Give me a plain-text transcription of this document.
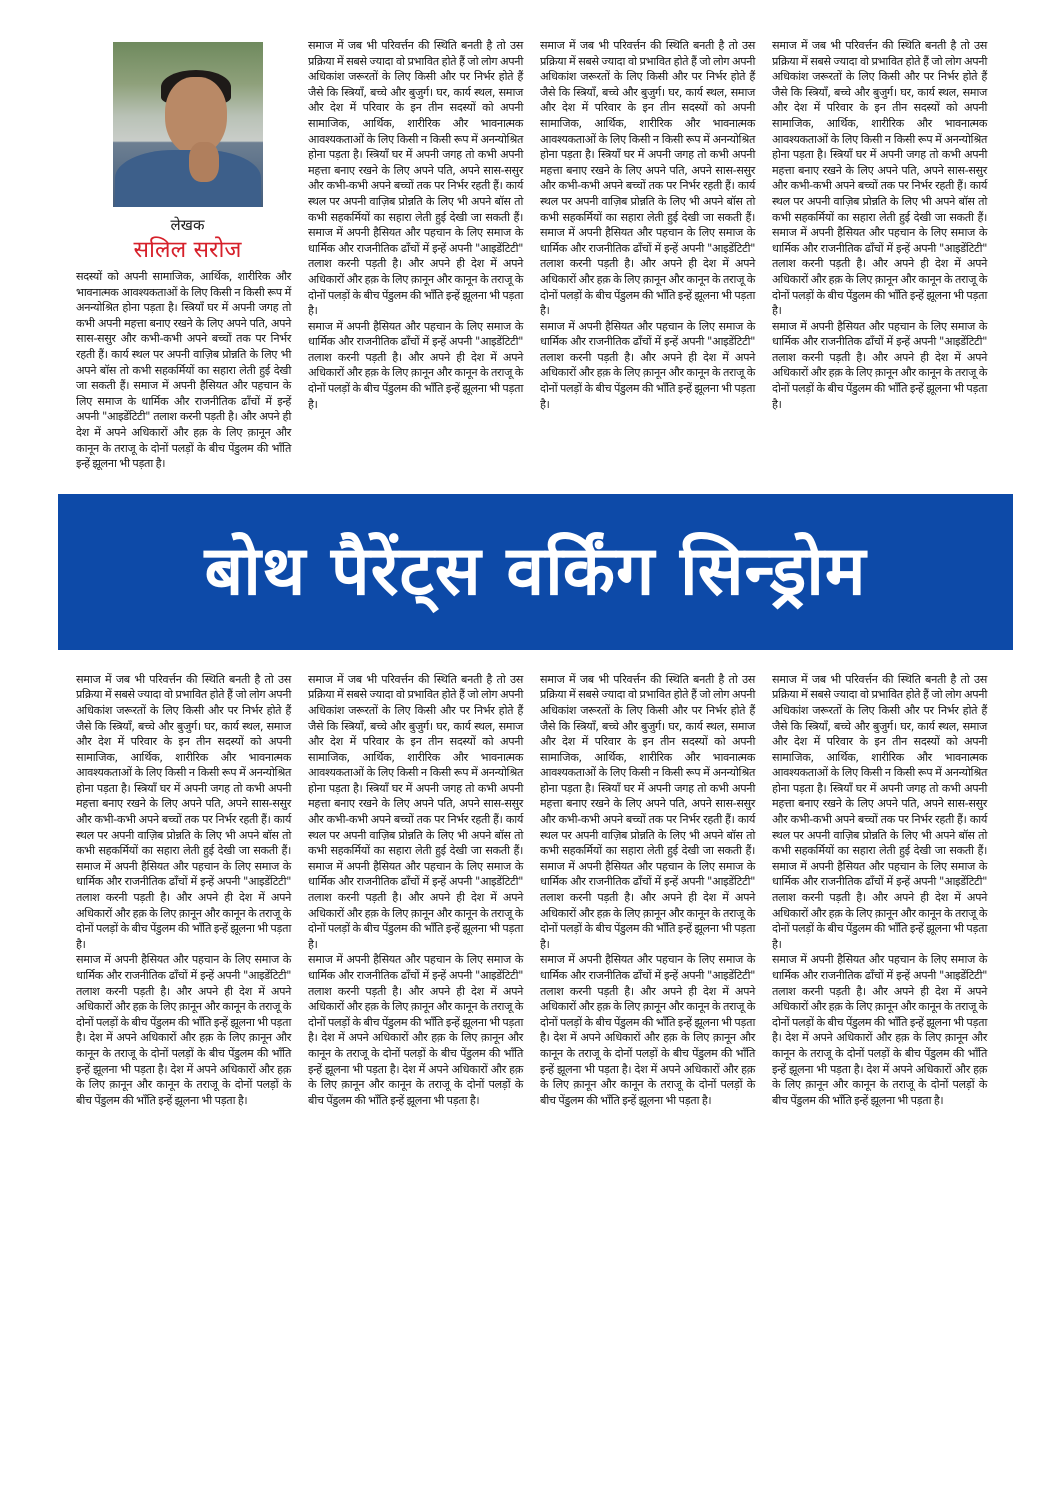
लेखक
सलिल सरोज

सदस्यों को अपनी सामाजिक, आर्थिक, शारीरिक और भावनात्मक आवश्यकताओं के लिए किसी न किसी रूप में अनन्योश्रित होना पड़ता है। स्त्रियाँ घर में अपनी जगह तो कभी अपनी महत्ता बनाए रखने के लिए अपने पति, अपने सास-ससुर और कभी-कभी अपने बच्चों तक पर निर्भर रहती हैं। कार्य स्थल पर अपनी वाज़िब प्रोन्नति के लिए भी अपने बॉस तो कभी सहकर्मियों का सहारा लेती हुई देखी जा सकती हैं। समाज में अपनी हैसियत और पहचान के लिए समाज के धार्मिक और राजनीतिक ढाँचों में इन्हें अपनी "आइडेंटिटी" तलाश करनी पड़ती है। और अपने ही देश में अपने अधिकारों और हक़ के लिए क़ानून और कानून के तराजू के दोनों पलड़ों के बीच पेंडुलम की भाँति इन्हें झूलना भी पड़ता है।

समाज में जब भी परिवर्त्तन की स्थिति बनती है तो उस प्रक्रिया में सबसे ज्यादा वो प्रभावित होते हैं जो लोग अपनी अधिकांश जरूरतों के लिए किसी और पर निर्भर होते हैं जैसे कि स्त्रियाँ, बच्चे और बुजुर्ग। घर, कार्य स्थल, समाज और देश में परिवार के इन तीन सदस्यों को अपनी सामाजिक, आर्थिक, शारीरिक और भावनात्मक आवश्यकताओं के लिए किसी न किसी रूप में अनन्योश्रित होना पड़ता है। स्त्रियाँ घर में अपनी जगह तो कभी अपनी महत्ता बनाए रखने के लिए अपने पति, अपने सास-ससुर और कभी-कभी अपने बच्चों तक पर निर्भर रहती हैं। कार्य स्थल पर अपनी वाज़िब प्रोन्नति के लिए भी अपने बॉस तो कभी सहकर्मियों का सहारा लेती हुई देखी जा सकती हैं। समाज में अपनी हैसियत और पहचान के लिए समाज के धार्मिक और राजनीतिक ढाँचों में इन्हें अपनी "आइडेंटिटी" तलाश करनी पड़ती है। और अपने ही देश में अपने अधिकारों और हक़ के लिए क़ानून और कानून के तराजू के दोनों पलड़ों के बीच पेंडुलम की भाँति इन्हें झूलना भी पड़ता है।

समाज में अपनी हैसियत और पहचान के लिए समाज के धार्मिक और राजनीतिक ढाँचों में इन्हें अपनी "आइडेंटिटी" तलाश करनी पड़ती है। और अपने ही देश में अपने अधिकारों और हक़ के लिए क़ानून और कानून के तराजू के दोनों पलड़ों के बीच पेंडुलम की भाँति इन्हें झूलना भी पड़ता है।

समाज में जब भी परिवर्त्तन की स्थिति बनती है तो उस प्रक्रिया में सबसे ज्यादा वो प्रभावित होते हैं जो लोग अपनी अधिकांश जरूरतों के लिए किसी और पर निर्भर होते हैं जैसे कि स्त्रियाँ, बच्चे और बुजुर्ग। घर, कार्य स्थल, समाज और देश में परिवार के इन तीन सदस्यों को अपनी सामाजिक, आर्थिक, शारीरिक और भावनात्मक आवश्यकताओं के लिए किसी न किसी रूप में अनन्योश्रित होना पड़ता है। स्त्रियाँ घर में अपनी जगह तो कभी अपनी महत्ता बनाए रखने के लिए अपने पति, अपने सास-ससुर और कभी-कभी अपने बच्चों तक पर निर्भर रहती हैं। कार्य स्थल पर अपनी वाज़िब प्रोन्नति के लिए भी अपने बॉस तो कभी सहकर्मियों का सहारा लेती हुई देखी जा सकती हैं। समाज में अपनी हैसियत और पहचान के लिए समाज के धार्मिक और राजनीतिक ढाँचों में इन्हें अपनी "आइडेंटिटी" तलाश करनी पड़ती है। और अपने ही देश में अपने अधिकारों और हक़ के लिए क़ानून और कानून के तराजू के दोनों पलड़ों के बीच पेंडुलम की भाँति इन्हें झूलना भी पड़ता है।

समाज में अपनी हैसियत और पहचान के लिए समाज के धार्मिक और राजनीतिक ढाँचों में इन्हें अपनी "आइडेंटिटी" तलाश करनी पड़ती है। और अपने ही देश में अपने अधिकारों और हक़ के लिए क़ानून और कानून के तराजू के दोनों पलड़ों के बीच पेंडुलम की भाँति इन्हें झूलना भी पड़ता है।

समाज में जब भी परिवर्त्तन की स्थिति बनती है तो उस प्रक्रिया में सबसे ज्यादा वो प्रभावित होते हैं जो लोग अपनी अधिकांश जरूरतों के लिए किसी और पर निर्भर होते हैं जैसे कि स्त्रियाँ, बच्चे और बुजुर्ग। घर, कार्य स्थल, समाज और देश में परिवार के इन तीन सदस्यों को अपनी सामाजिक, आर्थिक, शारीरिक और भावनात्मक आवश्यकताओं के लिए किसी न किसी रूप में अनन्योश्रित होना पड़ता है। स्त्रियाँ घर में अपनी जगह तो कभी अपनी महत्ता बनाए रखने के लिए अपने पति, अपने सास-ससुर और कभी-कभी अपने बच्चों तक पर निर्भर रहती हैं। कार्य स्थल पर अपनी वाज़िब प्रोन्नति के लिए भी अपने बॉस तो कभी सहकर्मियों का सहारा लेती हुई देखी जा सकती हैं। समाज में अपनी हैसियत और पहचान के लिए समाज के धार्मिक और राजनीतिक ढाँचों में इन्हें अपनी "आइडेंटिटी" तलाश करनी पड़ती है। और अपने ही देश में अपने अधिकारों और हक़ के लिए क़ानून और कानून के तराजू के दोनों पलड़ों के बीच पेंडुलम की भाँति इन्हें झूलना भी पड़ता है।

समाज में अपनी हैसियत और पहचान के लिए समाज के धार्मिक और राजनीतिक ढाँचों में इन्हें अपनी "आइडेंटिटी" तलाश करनी पड़ती है। और अपने ही देश में अपने अधिकारों और हक़ के लिए क़ानून और कानून के तराजू के दोनों पलड़ों के बीच पेंडुलम की भाँति इन्हें झूलना भी पड़ता है।

बोथ पैरेंट्स वर्किंग सिन्ड्रोम

समाज में जब भी परिवर्त्तन की स्थिति बनती है तो उस प्रक्रिया में सबसे ज्यादा वो प्रभावित होते हैं जो लोग अपनी अधिकांश जरूरतों के लिए किसी और पर निर्भर होते हैं जैसे कि स्त्रियाँ, बच्चे और बुजुर्ग। घर, कार्य स्थल, समाज और देश में परिवार के इन तीन सदस्यों को अपनी सामाजिक, आर्थिक, शारीरिक और भावनात्मक आवश्यकताओं के लिए किसी न किसी रूप में अनन्योश्रित होना पड़ता है। स्त्रियाँ घर में अपनी जगह तो कभी अपनी महत्ता बनाए रखने के लिए अपने पति, अपने सास-ससुर और कभी-कभी अपने बच्चों तक पर निर्भर रहती हैं। कार्य स्थल पर अपनी वाज़िब प्रोन्नति के लिए भी अपने बॉस तो कभी सहकर्मियों का सहारा लेती हुई देखी जा सकती हैं। समाज में अपनी हैसियत और पहचान के लिए समाज के धार्मिक और राजनीतिक ढाँचों में इन्हें अपनी "आइडेंटिटी" तलाश करनी पड़ती है। और अपने ही देश में अपने अधिकारों और हक़ के लिए क़ानून और कानून के तराजू के दोनों पलड़ों के बीच पेंडुलम की भाँति इन्हें झूलना भी पड़ता है।

समाज में अपनी हैसियत और पहचान के लिए समाज के धार्मिक और राजनीतिक ढाँचों में इन्हें अपनी "आइडेंटिटी" तलाश करनी पड़ती है। और अपने ही देश में अपने अधिकारों और हक़ के लिए क़ानून और कानून के तराजू के दोनों पलड़ों के बीच पेंडुलम की भाँति इन्हें झूलना भी पड़ता है। देश में अपने अधिकारों और हक़ के लिए क़ानून और कानून के तराजू के दोनों पलड़ों के बीच पेंडुलम की भाँति इन्हें झूलना भी पड़ता है। देश में अपने अधिकारों और हक़ के लिए क़ानून और कानून के तराजू के दोनों पलड़ों के बीच पेंडुलम की भाँति इन्हें झूलना भी पड़ता है।

समाज में जब भी परिवर्त्तन की स्थिति बनती है तो उस प्रक्रिया में सबसे ज्यादा वो प्रभावित होते हैं जो लोग अपनी अधिकांश जरूरतों के लिए किसी और पर निर्भर होते हैं जैसे कि स्त्रियाँ, बच्चे और बुजुर्ग। घर, कार्य स्थल, समाज और देश में परिवार के इन तीन सदस्यों को अपनी सामाजिक, आर्थिक, शारीरिक और भावनात्मक आवश्यकताओं के लिए किसी न किसी रूप में अनन्योश्रित होना पड़ता है। स्त्रियाँ घर में अपनी जगह तो कभी अपनी महत्ता बनाए रखने के लिए अपने पति, अपने सास-ससुर और कभी-कभी अपने बच्चों तक पर निर्भर रहती हैं। कार्य स्थल पर अपनी वाज़िब प्रोन्नति के लिए भी अपने बॉस तो कभी सहकर्मियों का सहारा लेती हुई देखी जा सकती हैं। समाज में अपनी हैसियत और पहचान के लिए समाज के धार्मिक और राजनीतिक ढाँचों में इन्हें अपनी "आइडेंटिटी" तलाश करनी पड़ती है। और अपने ही देश में अपने अधिकारों और हक़ के लिए क़ानून और कानून के तराजू के दोनों पलड़ों के बीच पेंडुलम की भाँति इन्हें झूलना भी पड़ता है।

समाज में अपनी हैसियत और पहचान के लिए समाज के धार्मिक और राजनीतिक ढाँचों में इन्हें अपनी "आइडेंटिटी" तलाश करनी पड़ती है। और अपने ही देश में अपने अधिकारों और हक़ के लिए क़ानून और कानून के तराजू के दोनों पलड़ों के बीच पेंडुलम की भाँति इन्हें झूलना भी पड़ता है। देश में अपने अधिकारों और हक़ के लिए क़ानून और कानून के तराजू के दोनों पलड़ों के बीच पेंडुलम की भाँति इन्हें झूलना भी पड़ता है। देश में अपने अधिकारों और हक़ के लिए क़ानून और कानून के तराजू के दोनों पलड़ों के बीच पेंडुलम की भाँति इन्हें झूलना भी पड़ता है।

समाज में जब भी परिवर्त्तन की स्थिति बनती है तो उस प्रक्रिया में सबसे ज्यादा वो प्रभावित होते हैं जो लोग अपनी अधिकांश जरूरतों के लिए किसी और पर निर्भर होते हैं जैसे कि स्त्रियाँ, बच्चे और बुजुर्ग। घर, कार्य स्थल, समाज और देश में परिवार के इन तीन सदस्यों को अपनी सामाजिक, आर्थिक, शारीरिक और भावनात्मक आवश्यकताओं के लिए किसी न किसी रूप में अनन्योश्रित होना पड़ता है। स्त्रियाँ घर में अपनी जगह तो कभी अपनी महत्ता बनाए रखने के लिए अपने पति, अपने सास-ससुर और कभी-कभी अपने बच्चों तक पर निर्भर रहती हैं। कार्य स्थल पर अपनी वाज़िब प्रोन्नति के लिए भी अपने बॉस तो कभी सहकर्मियों का सहारा लेती हुई देखी जा सकती हैं। समाज में अपनी हैसियत और पहचान के लिए समाज के धार्मिक और राजनीतिक ढाँचों में इन्हें अपनी "आइडेंटिटी" तलाश करनी पड़ती है। और अपने ही देश में अपने अधिकारों और हक़ के लिए क़ानून और कानून के तराजू के दोनों पलड़ों के बीच पेंडुलम की भाँति इन्हें झूलना भी पड़ता है।

समाज में अपनी हैसियत और पहचान के लिए समाज के धार्मिक और राजनीतिक ढाँचों में इन्हें अपनी "आइडेंटिटी" तलाश करनी पड़ती है। और अपने ही देश में अपने अधिकारों और हक़ के लिए क़ानून और कानून के तराजू के दोनों पलड़ों के बीच पेंडुलम की भाँति इन्हें झूलना भी पड़ता है। देश में अपने अधिकारों और हक़ के लिए क़ानून और कानून के तराजू के दोनों पलड़ों के बीच पेंडुलम की भाँति इन्हें झूलना भी पड़ता है। देश में अपने अधिकारों और हक़ के लिए क़ानून और कानून के तराजू के दोनों पलड़ों के बीच पेंडुलम की भाँति इन्हें झूलना भी पड़ता है।

समाज में जब भी परिवर्त्तन की स्थिति बनती है तो उस प्रक्रिया में सबसे ज्यादा वो प्रभावित होते हैं जो लोग अपनी अधिकांश जरूरतों के लिए किसी और पर निर्भर होते हैं जैसे कि स्त्रियाँ, बच्चे और बुजुर्ग। घर, कार्य स्थल, समाज और देश में परिवार के इन तीन सदस्यों को अपनी सामाजिक, आर्थिक, शारीरिक और भावनात्मक आवश्यकताओं के लिए किसी न किसी रूप में अनन्योश्रित होना पड़ता है। स्त्रियाँ घर में अपनी जगह तो कभी अपनी महत्ता बनाए रखने के लिए अपने पति, अपने सास-ससुर और कभी-कभी अपने बच्चों तक पर निर्भर रहती हैं। कार्य स्थल पर अपनी वाज़िब प्रोन्नति के लिए भी अपने बॉस तो कभी सहकर्मियों का सहारा लेती हुई देखी जा सकती हैं। समाज में अपनी हैसियत और पहचान के लिए समाज के धार्मिक और राजनीतिक ढाँचों में इन्हें अपनी "आइडेंटिटी" तलाश करनी पड़ती है। और अपने ही देश में अपने अधिकारों और हक़ के लिए क़ानून और कानून के तराजू के दोनों पलड़ों के बीच पेंडुलम की भाँति इन्हें झूलना भी पड़ता है।

समाज में अपनी हैसियत और पहचान के लिए समाज के धार्मिक और राजनीतिक ढाँचों में इन्हें अपनी "आइडेंटिटी" तलाश करनी पड़ती है। और अपने ही देश में अपने अधिकारों और हक़ के लिए क़ानून और कानून के तराजू के दोनों पलड़ों के बीच पेंडुलम की भाँति इन्हें झूलना भी पड़ता है। देश में अपने अधिकारों और हक़ के लिए क़ानून और कानून के तराजू के दोनों पलड़ों के बीच पेंडुलम की भाँति इन्हें झूलना भी पड़ता है। देश में अपने अधिकारों और हक़ के लिए क़ानून और कानून के तराजू के दोनों पलड़ों के बीच पेंडुलम की भाँति इन्हें झूलना भी पड़ता है।
